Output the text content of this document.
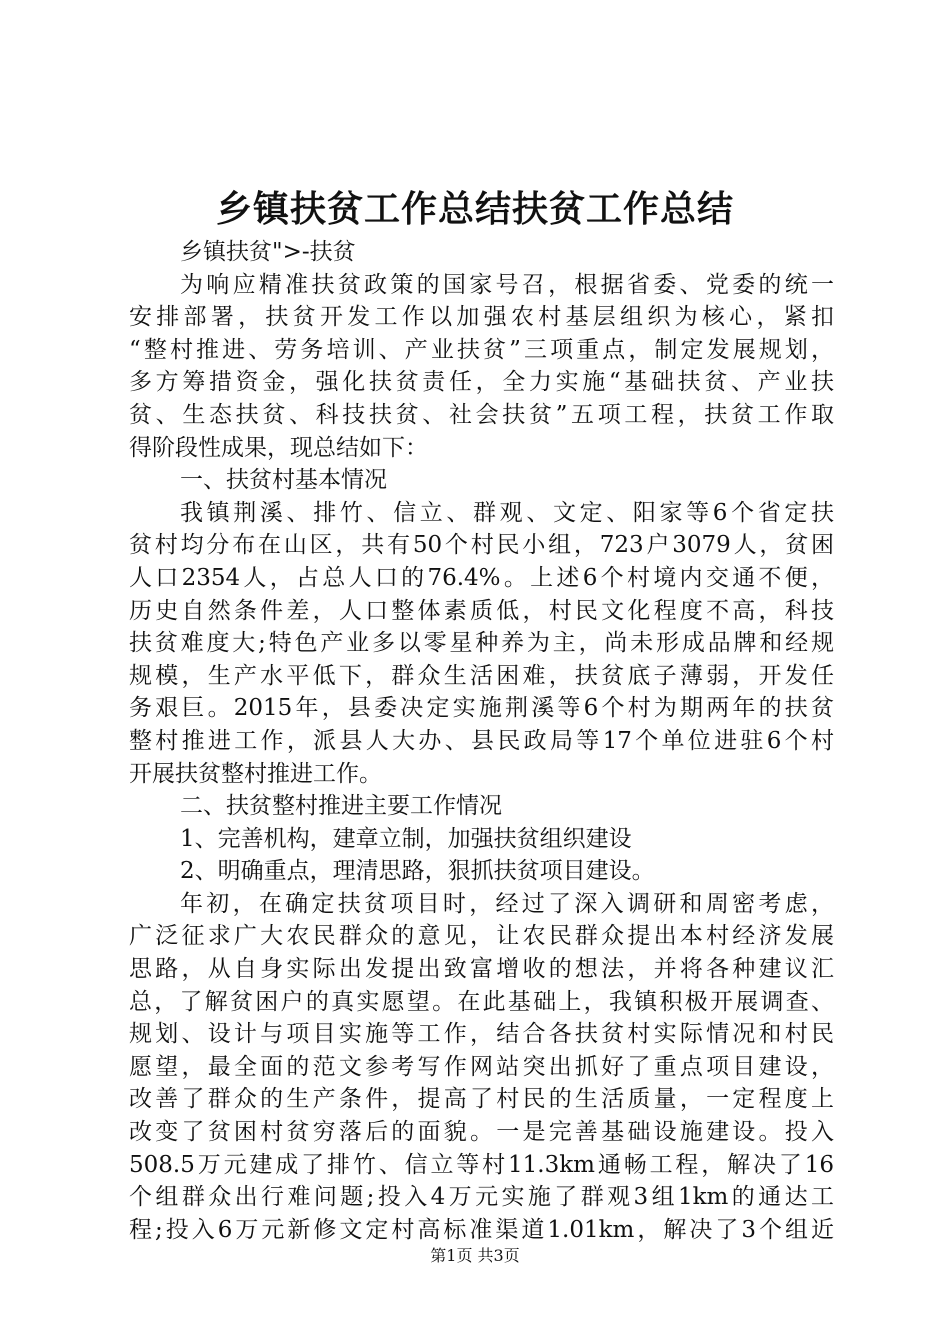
乡镇扶贫工作总结扶贫工作总结
乡镇扶贫">-扶贫
为响应精准扶贫政策的国家号召，根据省委、党委的统一
安排部署，扶贫开发工作以加强农村基层组织为核心，紧扣
“整村推进、劳务培训、产业扶贫”三项重点，制定发展规划，
多方筹措资金，强化扶贫责任，全力实施“基础扶贫、产业扶
贫、生态扶贫、科技扶贫、社会扶贫”五项工程，扶贫工作取
得阶段性成果，现总结如下：
一、扶贫村基本情况
我镇荆溪、排竹、信立、群观、文定、阳家等6个省定扶
贫村均分布在山区，共有50个村民小组，723户3079人，贫困
人口2354人，占总人口的76.4%。上述6个村境内交通不便，
历史自然条件差，人口整体素质低，村民文化程度不高，科技
扶贫难度大;特色产业多以零星种养为主，尚未形成品牌和经规
规模，生产水平低下，群众生活困难，扶贫底子薄弱，开发任
务艰巨。2015年，县委决定实施荆溪等6个村为期两年的扶贫
整村推进工作，派县人大办、县民政局等17个单位进驻6个村
开展扶贫整村推进工作。
二、扶贫整村推进主要工作情况
1、完善机构，建章立制，加强扶贫组织建设
2、明确重点，理清思路，狠抓扶贫项目建设。
年初，在确定扶贫项目时，经过了深入调研和周密考虑，
广泛征求广大农民群众的意见，让农民群众提出本村经济发展
思路，从自身实际出发提出致富增收的想法，并将各种建议汇
总，了解贫困户的真实愿望。在此基础上，我镇积极开展调查、
规划、设计与项目实施等工作，结合各扶贫村实际情况和村民
愿望，最全面的范文参考写作网站突出抓好了重点项目建设，
改善了群众的生产条件，提高了村民的生活质量，一定程度上
改变了贫困村贫穷落后的面貌。一是完善基础设施建设。投入
508.5万元建成了排竹、信立等村11.3km通畅工程，解决了16
个组群众出行难问题;投入4万元实施了群观3组1km的通达工
程;投入6万元新修文定村高标准渠道1.01km，解决了3个组近
第1页 共3页
